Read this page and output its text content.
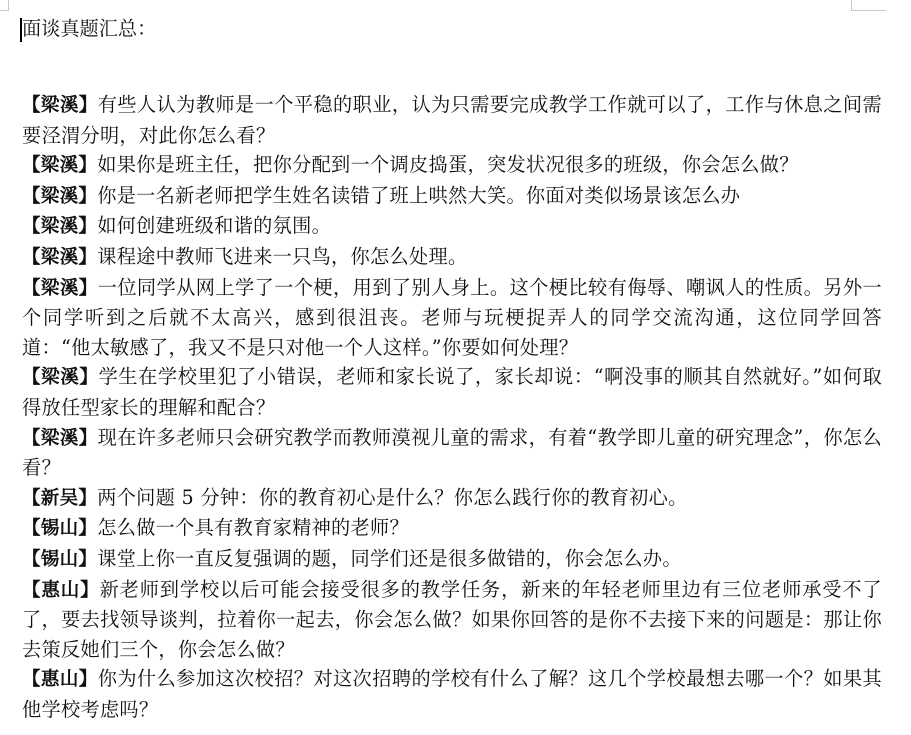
面谈真题汇总：

【梁溪】有些人认为教师是一个平稳的职业，认为只需要完成教学工作就可以了，工作与休息之间需要泾渭分明，对此你怎么看？

【梁溪】如果你是班主任，把你分配到一个调皮捣蛋，突发状况很多的班级，你会怎么做？

【梁溪】你是一名新老师把学生姓名读错了班上哄然大笑。你面对类似场景该怎么办

【梁溪】如何创建班级和谐的氛围。

【梁溪】课程途中教师飞进来一只鸟，你怎么处理。

【梁溪】一位同学从网上学了一个梗，用到了别人身上。这个梗比较有侮辱、嘲讽人的性质。另外一个同学听到之后就不太高兴，感到很沮丧。老师与玩梗捉弄人的同学交流沟通，这位同学回答道：“他太敏感了，我又不是只对他一个人这样。”你要如何处理？

【梁溪】学生在学校里犯了小错误，老师和家长说了，家长却说：“啊没事的顺其自然就好。”如何取得放任型家长的理解和配合？

【梁溪】现在许多老师只会研究教学而教师漠视儿童的需求，有着“教学即儿童的研究理念”，你怎么看？

【新吴】两个问题 5 分钟：你的教育初心是什么？你怎么践行你的教育初心。

【锡山】怎么做一个具有教育家精神的老师？

【锡山】课堂上你一直反复强调的题，同学们还是很多做错的，你会怎么办。

【惠山】新老师到学校以后可能会接受很多的教学任务，新来的年轻老师里边有三位老师承受不了了，要去找领导谈判，拉着你一起去，你会怎么做？如果你回答的是你不去接下来的问题是：那让你去策反她们三个，你会怎么做？

【惠山】你为什么参加这次校招？对这次招聘的学校有什么了解？这几个学校最想去哪一个？如果其他学校考虑吗？
